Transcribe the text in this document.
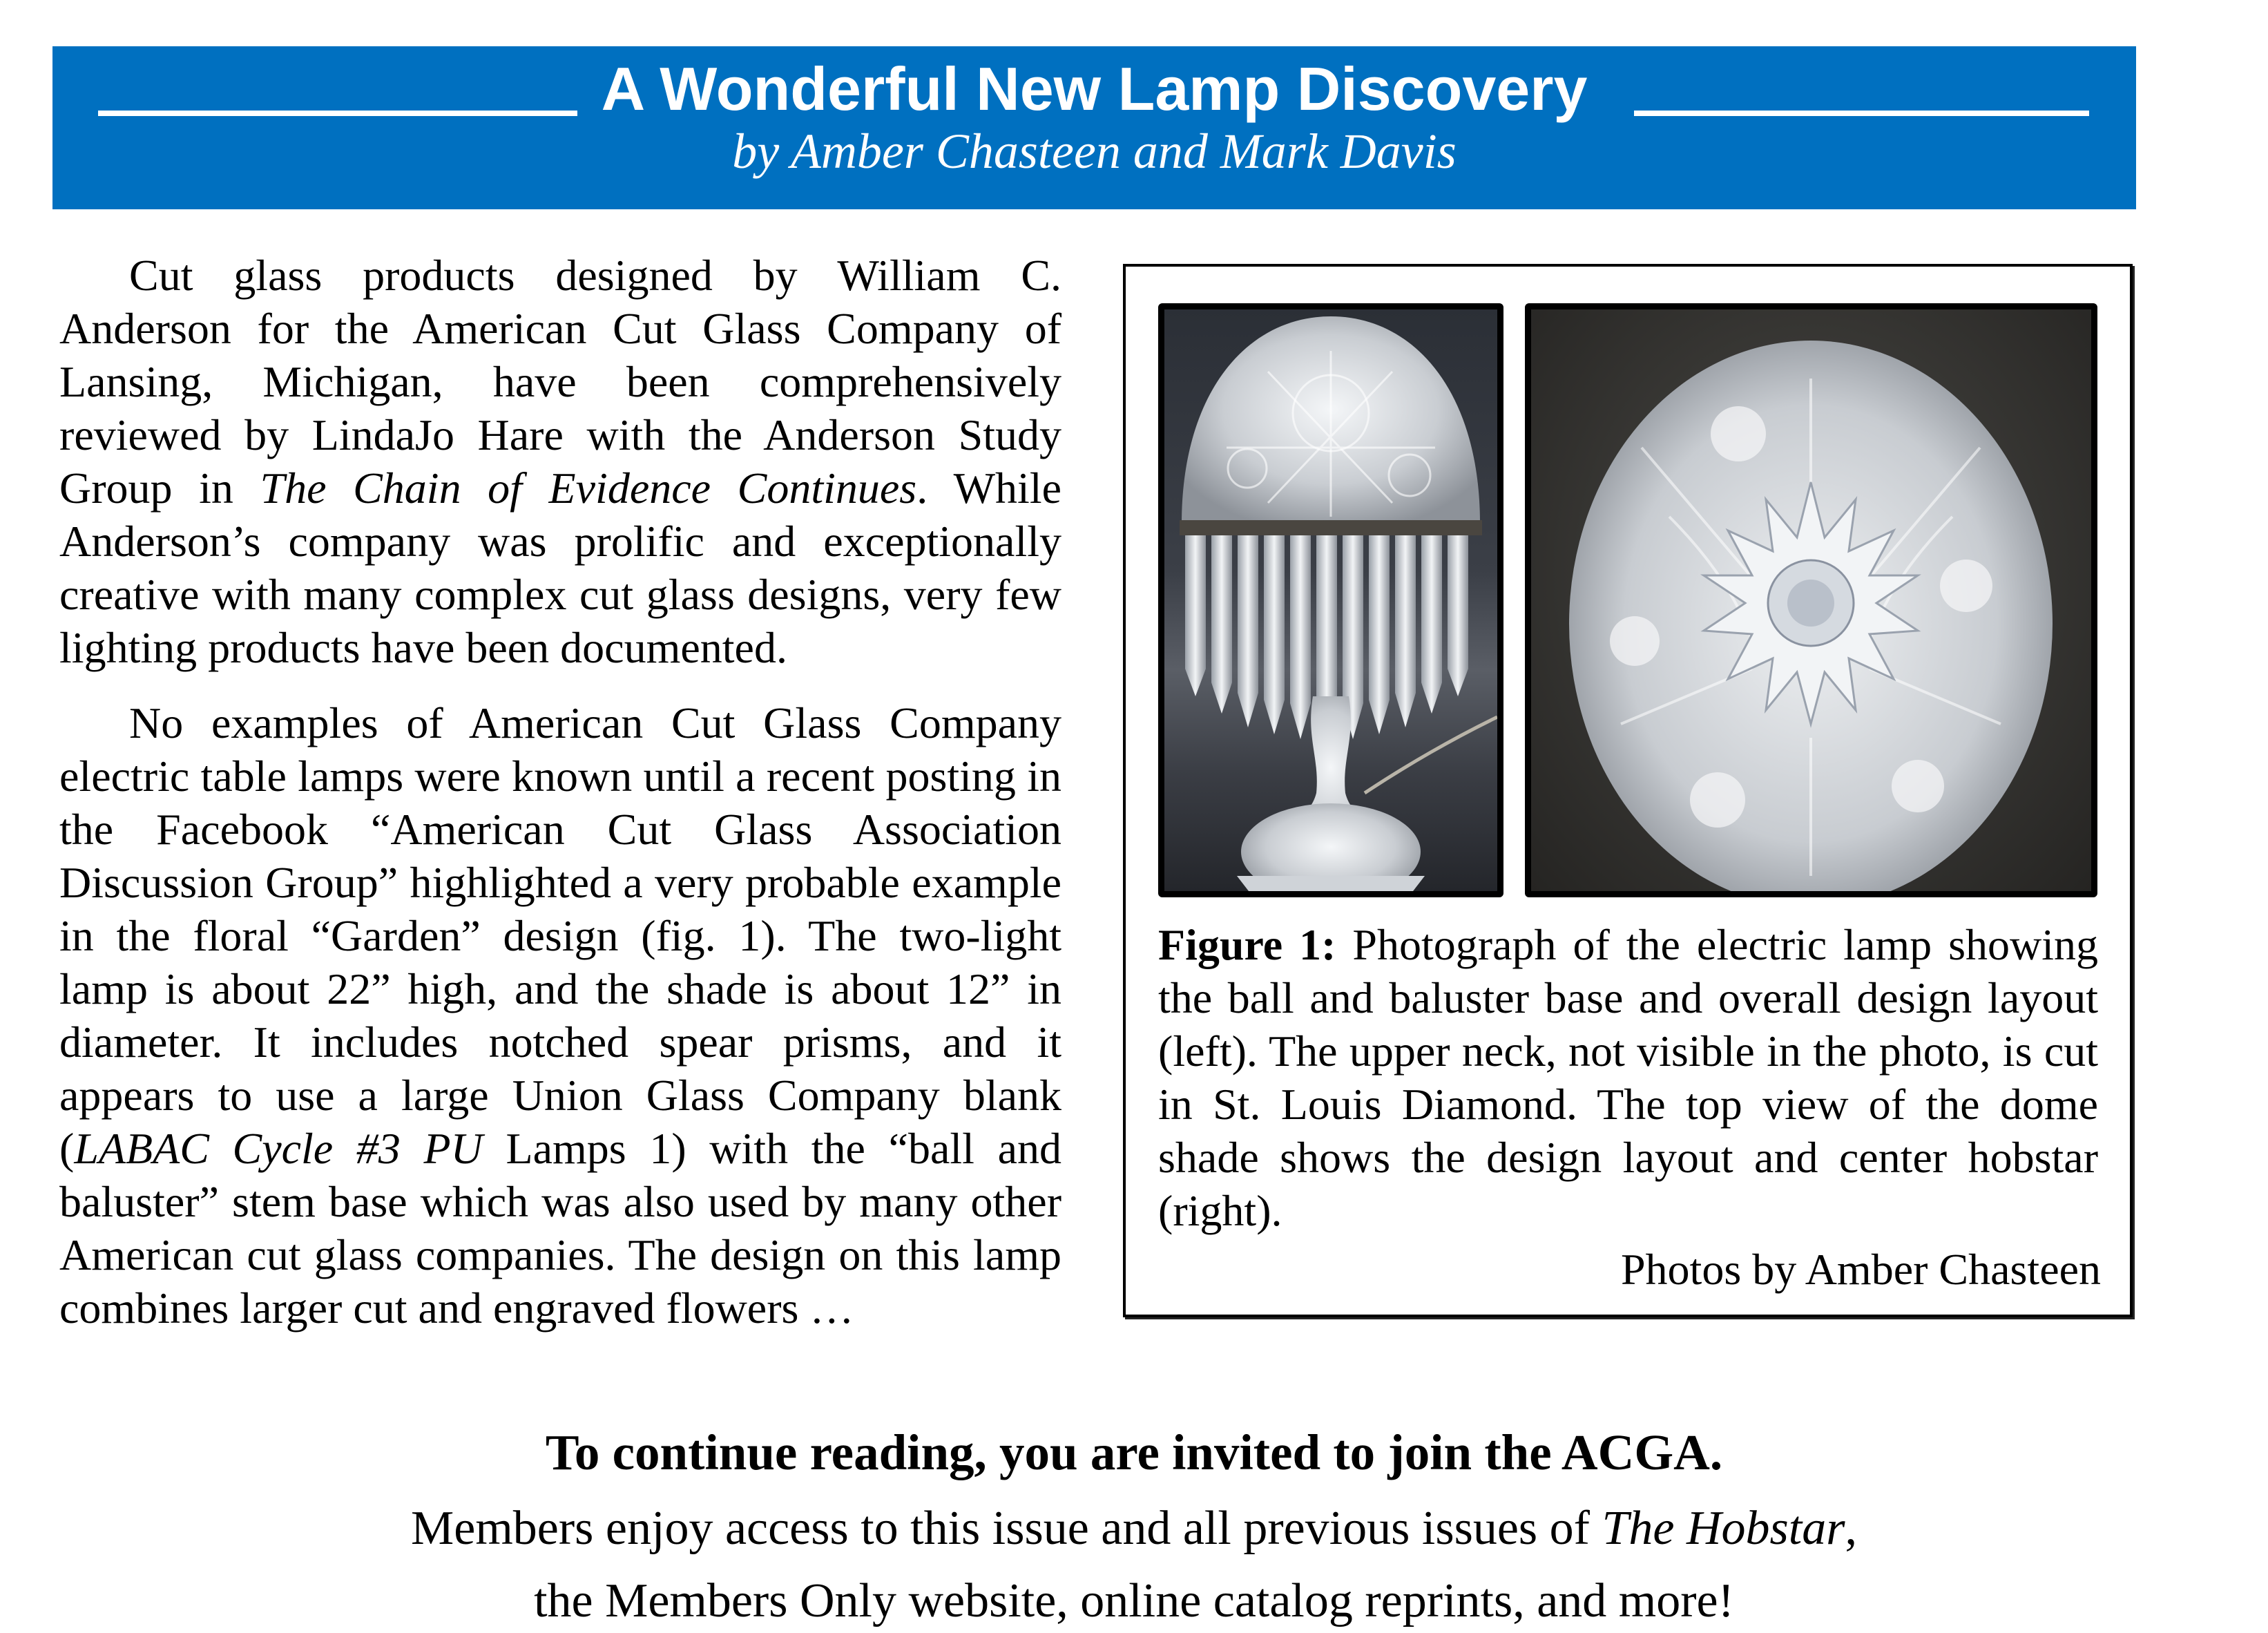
A Wonderful New Lamp Discovery
by Amber Chasteen and Mark Davis

Cut glass products designed by William C. Anderson for the American Cut Glass Company of Lansing, Michigan, have been comprehensively reviewed by LindaJo Hare with the Anderson Study Group in The Chain of Evidence Continues. While Anderson’s company was prolific and exceptionally creative with many complex cut glass designs, very few lighting products have been documented.

No examples of American Cut Glass Company electric table lamps were known until a recent posting in the Facebook “American Cut Glass Association Discussion Group” highlighted a very probable example in the floral “Garden” design (fig. 1). The two-light lamp is about 22” high, and the shade is about 12” in diameter. It includes notched spear prisms, and it appears to use a large Union Glass Company blank (LABAC Cycle #3 PU Lamps 1) with the “ball and baluster” stem base which was also used by many other American cut glass companies. The design on this lamp combines larger cut and engraved flowers …

Figure 1: Photograph of the electric lamp showing the ball and baluster base and overall design layout (left). The upper neck, not visible in the photo, is cut in St. Louis Diamond. The top view of the dome shade shows the design layout and center hobstar (right).
Photos by Amber Chasteen
To continue reading, you are invited to join the ACGA.
Members enjoy access to this issue and all previous issues of The Hobstar,
the Members Only website, online catalog reprints, and more!
